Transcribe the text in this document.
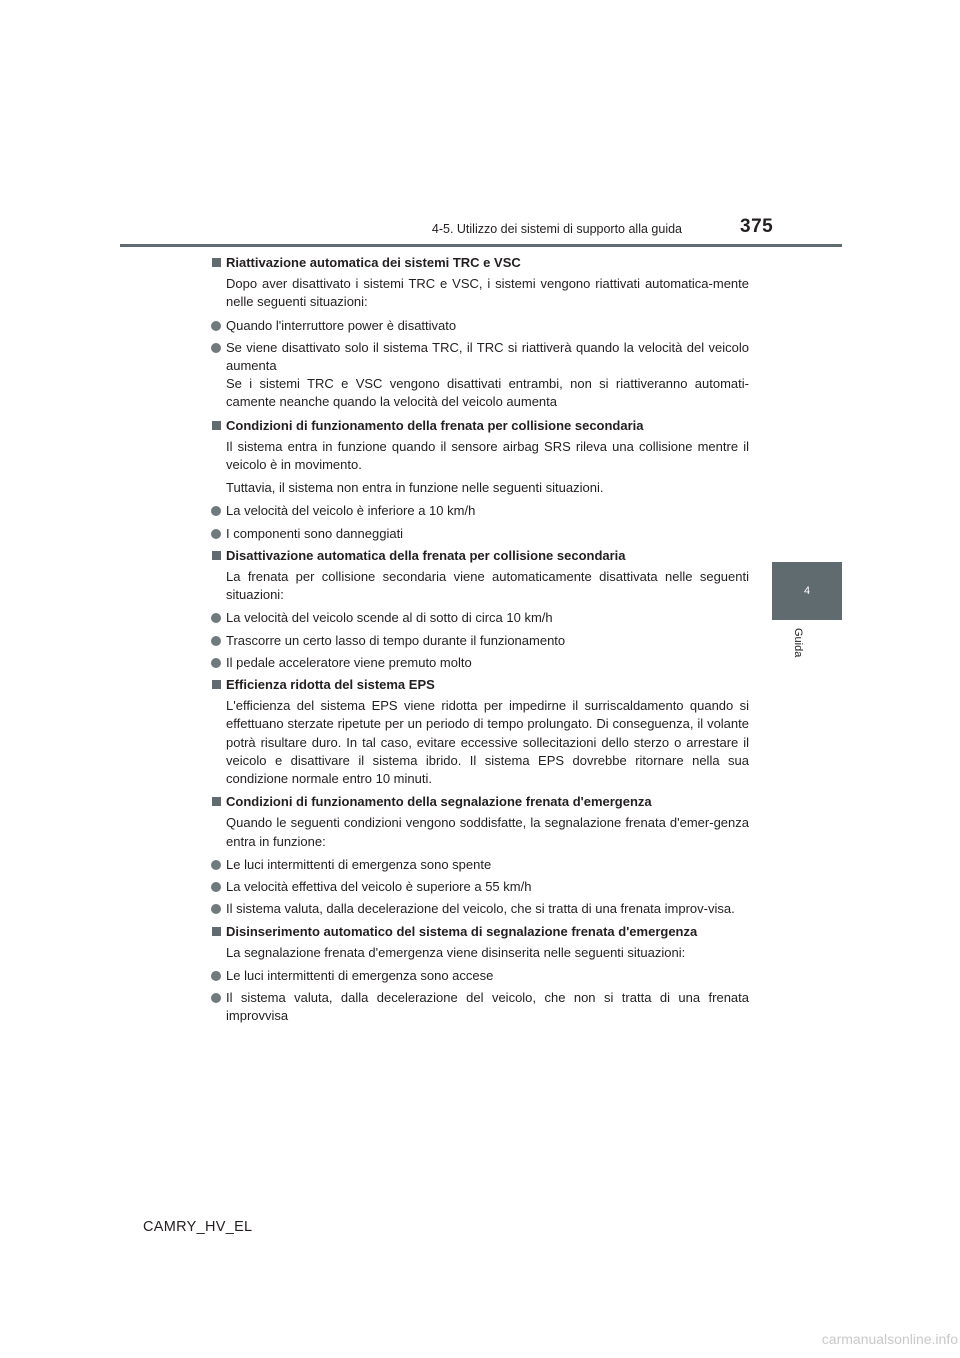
4-5. Utilizzo dei sistemi di supporto alla guida	375
4
Guida
Riattivazione automatica dei sistemi TRC e VSC
Dopo aver disattivato i sistemi TRC e VSC, i sistemi vengono riattivati automatica-mente nelle seguenti situazioni:
Quando l'interruttore power è disattivato
Se viene disattivato solo il sistema TRC, il TRC si riattiverà quando la velocità del veicolo aumenta
Se i sistemi TRC e VSC vengono disattivati entrambi, non si riattiveranno automati-camente neanche quando la velocità del veicolo aumenta
Condizioni di funzionamento della frenata per collisione secondaria
Il sistema entra in funzione quando il sensore airbag SRS rileva una collisione mentre il veicolo è in movimento.
Tuttavia, il sistema non entra in funzione nelle seguenti situazioni.
La velocità del veicolo è inferiore a 10 km/h
I componenti sono danneggiati
Disattivazione automatica della frenata per collisione secondaria
La frenata per collisione secondaria viene automaticamente disattivata nelle seguenti situazioni:
La velocità del veicolo scende al di sotto di circa 10 km/h
Trascorre un certo lasso di tempo durante il funzionamento
Il pedale acceleratore viene premuto molto
Efficienza ridotta del sistema EPS
L'efficienza del sistema EPS viene ridotta per impedirne il surriscaldamento quando si effettuano sterzate ripetute per un periodo di tempo prolungato. Di conseguenza, il volante potrà risultare duro. In tal caso, evitare eccessive sollecitazioni dello sterzo o arrestare il veicolo e disattivare il sistema ibrido. Il sistema EPS dovrebbe ritornare nella sua condizione normale entro 10 minuti.
Condizioni di funzionamento della segnalazione frenata d'emergenza
Quando le seguenti condizioni vengono soddisfatte, la segnalazione frenata d'emer-genza entra in funzione:
Le luci intermittenti di emergenza sono spente
La velocità effettiva del veicolo è superiore a 55 km/h
Il sistema valuta, dalla decelerazione del veicolo, che si tratta di una frenata improv-visa.
Disinserimento automatico del sistema di segnalazione frenata d'emergenza
La segnalazione frenata d'emergenza viene disinserita nelle seguenti situazioni:
Le luci intermittenti di emergenza sono accese
Il sistema valuta, dalla decelerazione del veicolo, che non si tratta di una frenata improvvisa
CAMRY_HV_EL
carmanualsonline.info
